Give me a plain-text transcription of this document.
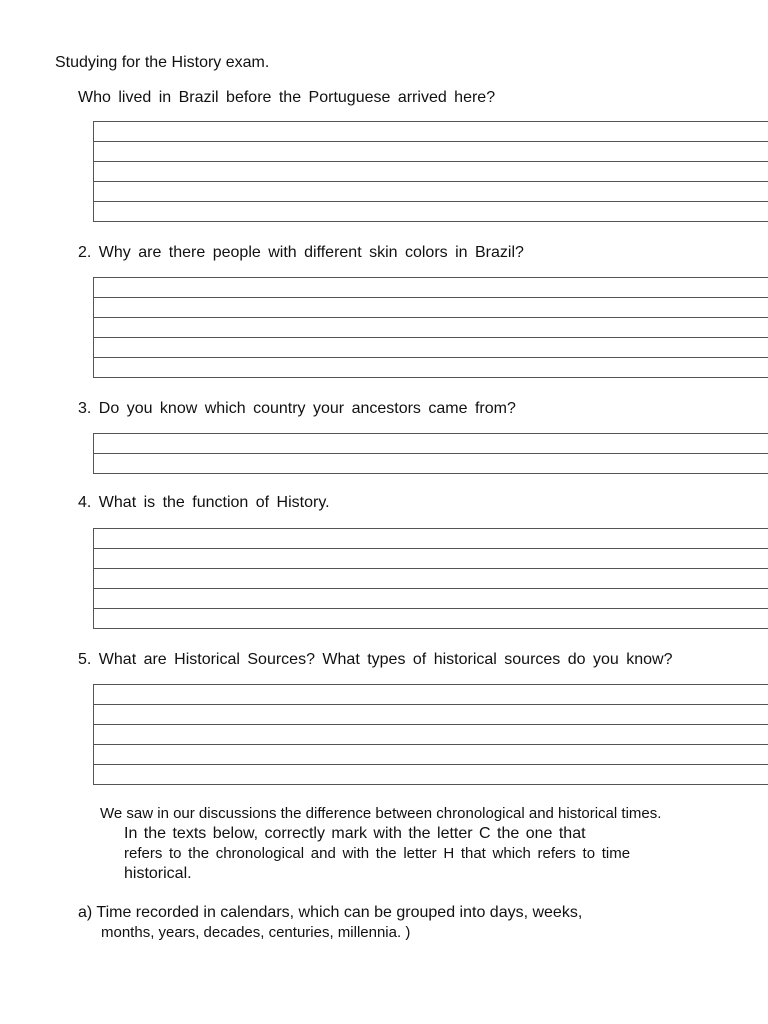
Studying for the History exam.
Who lived in Brazil before the Portuguese arrived here?
2. Why are there people with different skin colors in Brazil?
3. Do you know which country your ancestors came from?
4. What is the function of History.
5. What are Historical Sources? What types of historical sources do you know?
We saw in our discussions the difference between chronological and historical times.
In the texts below, correctly mark with the letter C the one that
refers to the chronological and with the letter H that which refers to time
historical.
a) Time recorded in calendars, which can be grouped into days, weeks,
months, years, decades, centuries, millennia. )
